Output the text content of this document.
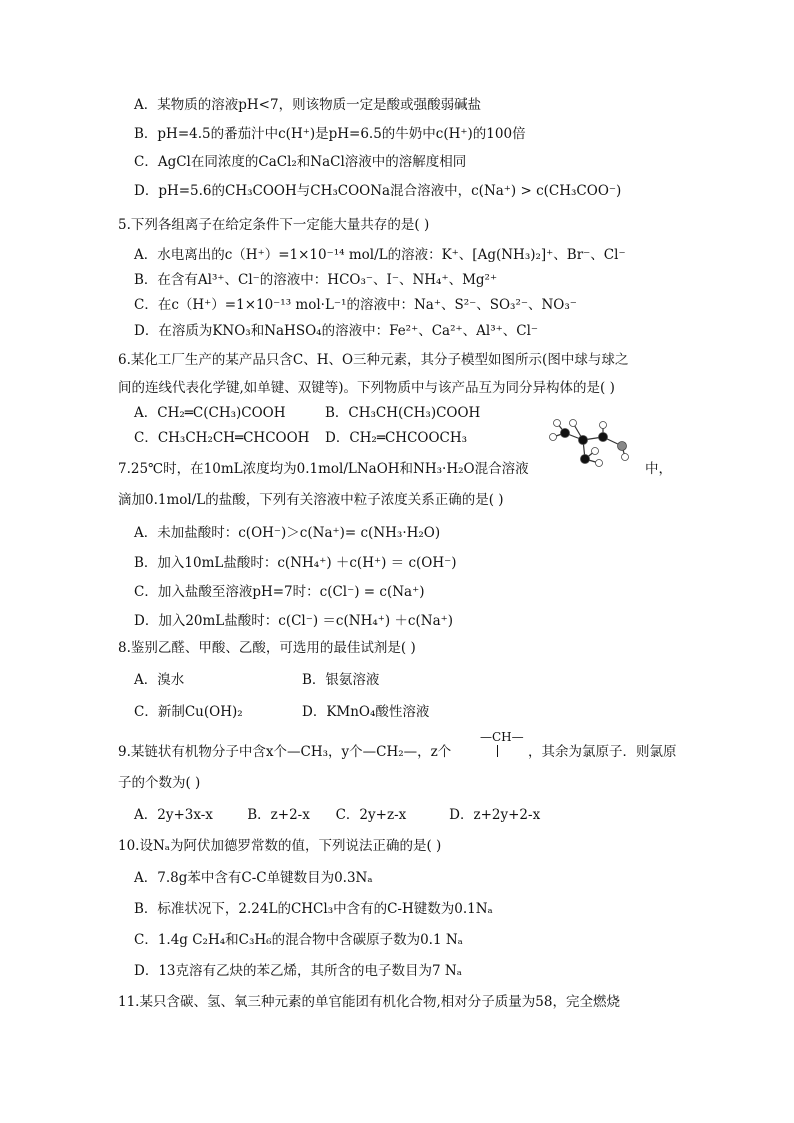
A．某物质的溶液pH<7，则该物质一定是酸或强酸弱碱盐
B．pH=4.5的番茄汁中c(H⁺)是pH=6.5的牛奶中c(H⁺)的100倍
C．AgCl在同浓度的CaCl₂和NaCl溶液中的溶解度相同
D．pH=5.6的CH₃COOH与CH₃COONa混合溶液中，c(Na⁺) > c(CH₃COO⁻)
5.下列各组离子在给定条件下一定能大量共存的是( )
A．水电离出的c（H⁺）=1×10⁻¹⁴ mol/L的溶液：K⁺、[Ag(NH₃)₂]⁺、Br⁻、Cl⁻
B．在含有Al³⁺、Cl⁻的溶液中：HCO₃⁻、I⁻、NH₄⁺、Mg²⁺
C．在c（H⁺）=1×10⁻¹³ mol·L⁻¹的溶液中：Na⁺、S²⁻、SO₃²⁻、NO₃⁻
D．在溶质为KNO₃和NaHSO₄的溶液中：Fe²⁺、Ca²⁺、Al³⁺、Cl⁻
6.某化工厂生产的某产品只含C、H、O三种元素，其分子模型如图所示(图中球与球之
间的连线代表化学键,如单键、双键等)。下列物质中与该产品互为同分异构体的是( )
A．CH₂═C(CH₃)COOH	B．CH₃CH(CH₃)COOH
C．CH₃CH₂CH═CHCOOH D．CH₂═CHCOOCH₃
7.25℃时，在10mL浓度均为0.1mol/LNaOH和NH₃·H₂O混合溶液	中，
滴加0.1mol/L的盐酸，下列有关溶液中粒子浓度关系正确的是( )
A．未加盐酸时：c(OH⁻)＞c(Na⁺)= c(NH₃·H₂O)
B．加入10mL盐酸时：c(NH₄⁺) ＋c(H⁺) ＝ c(OH⁻)
C．加入盐酸至溶液pH=7时：c(Cl⁻) = c(Na⁺)
D．加入20mL盐酸时：c(Cl⁻) ＝c(NH₄⁺) ＋c(Na⁺)
8.鉴别乙醛、甲酸、乙酸，可选用的最佳试剂是( )
A．溴水	B．银氨溶液
C．新制Cu(OH)₂	D．KMnO₄酸性溶液
9.某链状有机物分子中含x个—CH₃，y个—CH₂—，z个
—CH—
，其余为氯原子．则氯原
子的个数为( )
A．2y+3x-x        B．z+2-x      C．2y+z-x          D．z+2y+2-x
10.设Nₐ为阿伏加德罗常数的值，下列说法正确的是( )
A．7.8g苯中含有C-C单键数目为0.3Nₐ
B．标准状况下，2.24L的CHCl₃中含有的C-H键数为0.1Nₐ
C．1.4g C₂H₄和C₃H₆的混合物中含碳原子数为0.1 Nₐ
D．13克溶有乙炔的苯乙烯，其所含的电子数目为7 Nₐ
11.某只含碳、氢、氧三种元素的单官能团有机化合物,相对分子质量为58，完全燃烧
